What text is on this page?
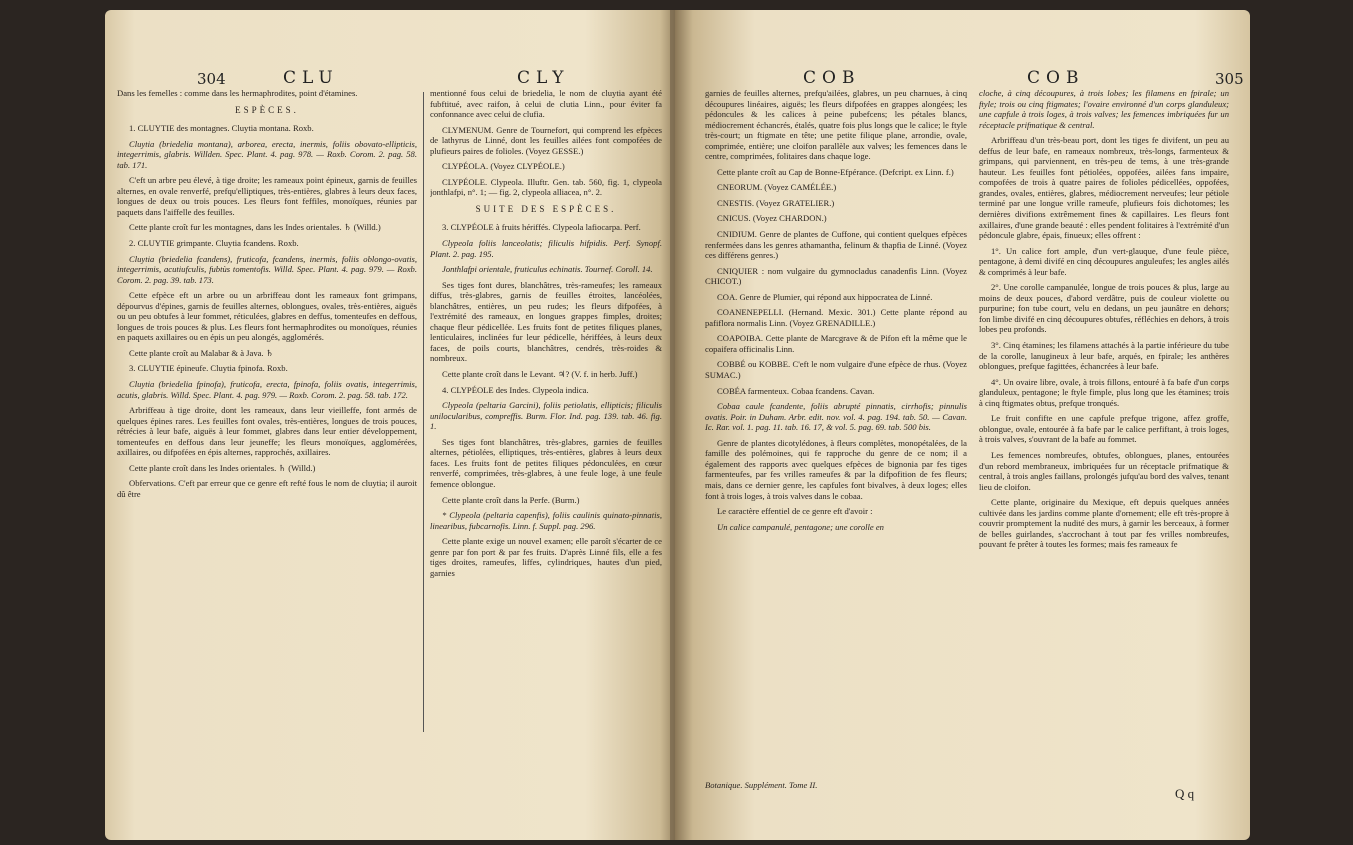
304	CLU	CLY

Dans les femelles : comme dans les hermaphrodites, point d'étamines.

ESPÈCES.

1. CLUYTIE des montagnes. Cluytia montana. Roxb.

Cluytia (briedelia montana), arborea, erecta, inermis, foliis obovato-ellipticis, integerrimis, glabris. Willden. Spec. Plant. 4. pag. 978. — Roxb. Corom. 2. pag. 58. tab. 171.

C'eft un arbre peu élevé, à tige droite; les rameaux point épineux, garnis de feuilles alternes, en ovale renverfé, prefqu'elliptiques, très-entières, glabres à leurs deux faces, longues de deux ou trois pouces. Les fleurs font feffiles, monoïques, réunies par paquets dans l'aiffelle des feuilles.

Cette plante croît fur les montagnes, dans les Indes orientales. ♄ (Willd.)

2. CLUYTIE grimpante. Cluytia fcandens. Roxb.

Cluytia (briedelia fcandens), fruticofa, fcandens, inermis, foliis oblongo-ovatis, integerrimis, acutiufculis, fubtùs tomentofis. Willd. Spec. Plant. 4. pag. 979. — Roxb. Corom. 2. pag. 39. tab. 173.

Cette efpèce eft un arbre ou un arbriffeau dont les rameaux font grimpans, dépourvus d'épines, garnis de feuilles alternes, oblongues, ovales, très-entières, aiguës ou un peu obtufes à leur fommet, réticulées, glabres en deffus, tomenteufes en deffous, longues de trois pouces & plus. Les fleurs font hermaphrodites ou monoïques, réunies en paquets axillaires ou en épis un peu alongés, agglomérés.

Cette plante croît au Malabar & à Java. ♄

3. CLUYTIE épineufe. Cluytia fpinofa. Roxb.

Cluytia (briedelia fpinofa), fruticofa, erecta, fpinofa, foliis ovatis, integerrimis, acutis, glabris. Willd. Spec. Plant. 4. pag. 979. — Roxb. Corom. 2. pag. 58. tab. 172.

Arbriffeau à tige droite, dont les rameaux, dans leur vieilleffe, font armés de quelques épines rares. Les feuilles font ovales, très-entières, longues de trois pouces, rétrécies à leur bafe, aiguës à leur fommet, glabres dans leur entier développement, tomenteufes en deffous dans leur jeuneffe; les fleurs monoïques, agglomérées, axillaires, ou difpofées en épis alternes, rapprochés, axillaires.

Cette plante croît dans les Indes orientales. ♄ (Willd.)

Obfervations. C'eft par erreur que ce genre eft refté fous le nom de cluytia; il auroit dû être

mentionné fous celui de briedelia, le nom de cluytia ayant été fubftitué, avec raifon, à celui de clutia Linn., pour éviter fa confonnance avec celui de clufia.

CLYMENUM. Genre de Tournefort, qui comprend les efpèces de lathyrus de Linné, dont les feuilles ailées font compofées de plufieurs paires de folioles. (Voyez GESSE.)

CLYPÉOLA. (Voyez CLYPÉOLE.)

CLYPÉOLE. Clypeola. Illuftr. Gen. tab. 560, fig. 1, clypeola jonthlafpi, n°. 1; — fig. 2, clypeola alliacea, n°. 2.

SUITE DES ESPÈCES.

3. CLYPÉOLE à fruits hériffés. Clypeola lafiocarpa. Perf.

Clypeola foliis lanceolatis; filiculis hifpidis. Perf. Synopf. Plant. 2. pag. 195.

Jonthlafpi orientale, fruticulus echinatis. Tournef. Coroll. 14.

Ses tiges font dures, blanchâtres, très-rameufes; les rameaux diffus, très-glabres, garnis de feuilles étroites, lancéolées, blanchâtres, entières, un peu rudes; les fleurs difpofées, à l'extrémité des rameaux, en longues grappes fimples, droites; chaque fleur pédicellée. Les fruits font de petites filiques planes, lenticulaires, inclinées fur leur pédicelle, hériffées, à leurs deux faces, de poils courts, blanchâtres, cendrés, très-roides & nombreux.

Cette plante croît dans le Levant. ♃? (V. f. in herb. Juff.)

4. CLYPÉOLE des Indes. Clypeola indica.

Clypeola (peltaria Garcini), foliis petiolatis, ellipticis; filiculis unilocularibus, compreffis. Burm. Flor. Ind. pag. 139. tab. 46. fig. 1.

Ses tiges font blanchâtres, très-glabres, garnies de feuilles alternes, pétiolées, elliptiques, très-entières, glabres à leurs deux faces. Les fruits font de petites filiques pédonculées, en cœur renverfé, comprimées, très-glabres, à une feule loge, à une feule femence oblongue.

Cette plante croît dans la Perfe. (Burm.)

* Clypeola (peltaria capenfis), foliis caulinis quinato-pinnatis, linearibus, fubcarnofis. Linn. f. Suppl. pag. 296.

Cette plante exige un nouvel examen; elle paroît s'écarter de ce genre par fon port & par fes fruits. D'après Linné fils, elle a fes tiges droites, rameufes, liffes, cylindriques, hautes d'un pied, garnies

COB	COB	305

garnies de feuilles alternes, prefqu'ailées, glabres, un peu charnues, à cinq découpures linéaires, aiguës; les fleurs difpofées en grappes alongées; les pédoncules & les calices à peine pubefcens; les pétales blancs, médiocrement échancrés, étalés, quatre fois plus longs que le calice; le ftyle très-court; un ftigmate en tête; une petite filique plane, arrondie, ovale, comprimée, entière; une cloifon parallèle aux valves; les femences dans le centre, comprimées, folitaires dans chaque loge.

Cette plante croît au Cap de Bonne-Efpérance. (Defcript. ex Linn. f.)

CNEORUM. (Voyez CAMÉLÉE.)

CNESTIS. (Voyez GRATELIER.)

CNICUS. (Voyez CHARDON.)

CNIDIUM. Genre de plantes de Cuffone, qui contient quelques efpèces renfermées dans les genres athamantha, felinum & thapfia de Linné. (Voyez ces différens genres.)

CNIQUIER : nom vulgaire du gymnocladus canadenfis Linn. (Voyez CHICOT.)

COA. Genre de Plumier, qui répond aux hippocratea de Linné.

COANENEPELLI. (Hernand. Mexic. 301.) Cette plante répond au pafiflora normalis Linn. (Voyez GRENADILLE.)

COAPOIBA. Cette plante de Marcgrave & de Pifon eft la même que le copaifera officinalis Linn.

COBBÉ ou KOBBE. C'eft le nom vulgaire d'une efpèce de rhus. (Voyez SUMAC.)

COBÉA farmenteux. Cobaa fcandens. Cavan.

Cobaa caule fcandente, foliis abrupté pinnatis, cirrhofis; pinnulis ovatis. Poir. in Duham. Arbr. edit. nov. vol. 4. pag. 194. tab. 50. — Cavan. Ic. Rar. vol. 1. pag. 11. tab. 16. 17, & vol. 5. pag. 69. tab. 500 bis.

Genre de plantes dicotylédones, à fleurs complètes, monopétalées, de la famille des polémoines, qui fe rapproche du genre de ce nom; il a également des rapports avec quelques efpèces de bignonia par fes tiges farmenteufes, par fes vrilles rameufes & par la difpofition de fes fleurs; mais, dans ce dernier genre, les capfules font bivalves, à deux loges; elles font à trois loges, à trois valves dans le cobaa.

Le caractère effentiel de ce genre eft d'avoir :

Un calice campanulé, pentagone; une corolle en

Botanique. Supplément. Tome II.

cloche, à cinq découpures, à trois lobes; les filamens en fpirale; un ftyle; trois ou cinq ftigmates; l'ovaire environné d'un corps glanduleux; une capfule à trois loges, à trois valves; les femences imbriquées fur un réceptacle prifmatique & central.

Arbriffeau d'un très-beau port, dont les tiges fe divifent, un peu au deffus de leur bafe, en rameaux nombreux, très-longs, farmenteux & grimpans, qui parviennent, en très-peu de tems, à une très-grande hauteur. Les feuilles font pétiolées, oppofées, ailées fans impaire, compofées de trois à quatre paires de folioles pédicellées, oppofées, grandes, ovales, entières, glabres, médiocrement nerveufes; leur pétiole terminé par une longue vrille rameufe, plufieurs fois dichotomes; les dernières divifions extrêmement fines & capillaires. Les fleurs font axillaires, d'une grande beauté : elles pendent folitaires à l'extrémité d'un pédoncule glabre, épais, finueux; elles offrent :

1°. Un calice fort ample, d'un vert-glauque, d'une feule pièce, pentagone, à demi divifé en cinq découpures anguleufes; les angles ailés & comprimés à leur bafe.

2°. Une corolle campanulée, longue de trois pouces & plus, large au moins de deux pouces, d'abord verdâtre, puis de couleur violette ou purpurine; fon tube court, velu en dedans, un peu jaunâtre en dehors; fon limbe divifé en cinq découpures obtufes, réfléchies en dehors, à trois lobes peu profonds.

3°. Cinq étamines; les filamens attachés à la partie inférieure du tube de la corolle, lanugineux à leur bafe, arqués, en fpirale; les anthères oblongues, prefque fagittées, échancrées à leur bafe.

4°. Un ovaire libre, ovale, à trois fillons, entouré à fa bafe d'un corps glanduleux, pentagone; le ftyle fimple, plus long que les étamines; trois à cinq ftigmates obtus, prefque tronqués.

Le fruit confifte en une capfule prefque trigone, affez groffe, oblongue, ovale, entourée à fa bafe par le calice perfiftant, à trois loges, à trois valves, s'ouvrant de la bafe au fommet.

Les femences nombreufes, obtufes, oblongues, planes, entourées d'un rebord membraneux, imbriquées fur un réceptacle prifmatique & central, à trois angles faillans, prolongés jufqu'au bord des valves, tenant lieu de cloifon.

Cette plante, originaire du Mexique, eft depuis quelques années cultivée dans les jardins comme plante d'ornement; elle eft très-propre à couvrir promptement la nudité des murs, à garnir les berceaux, à former de belles guirlandes, s'accrochant à tout par fes vrilles nombreufes, pouvant fe prêter à toutes les formes; mais fes rameaux fe

Q q
